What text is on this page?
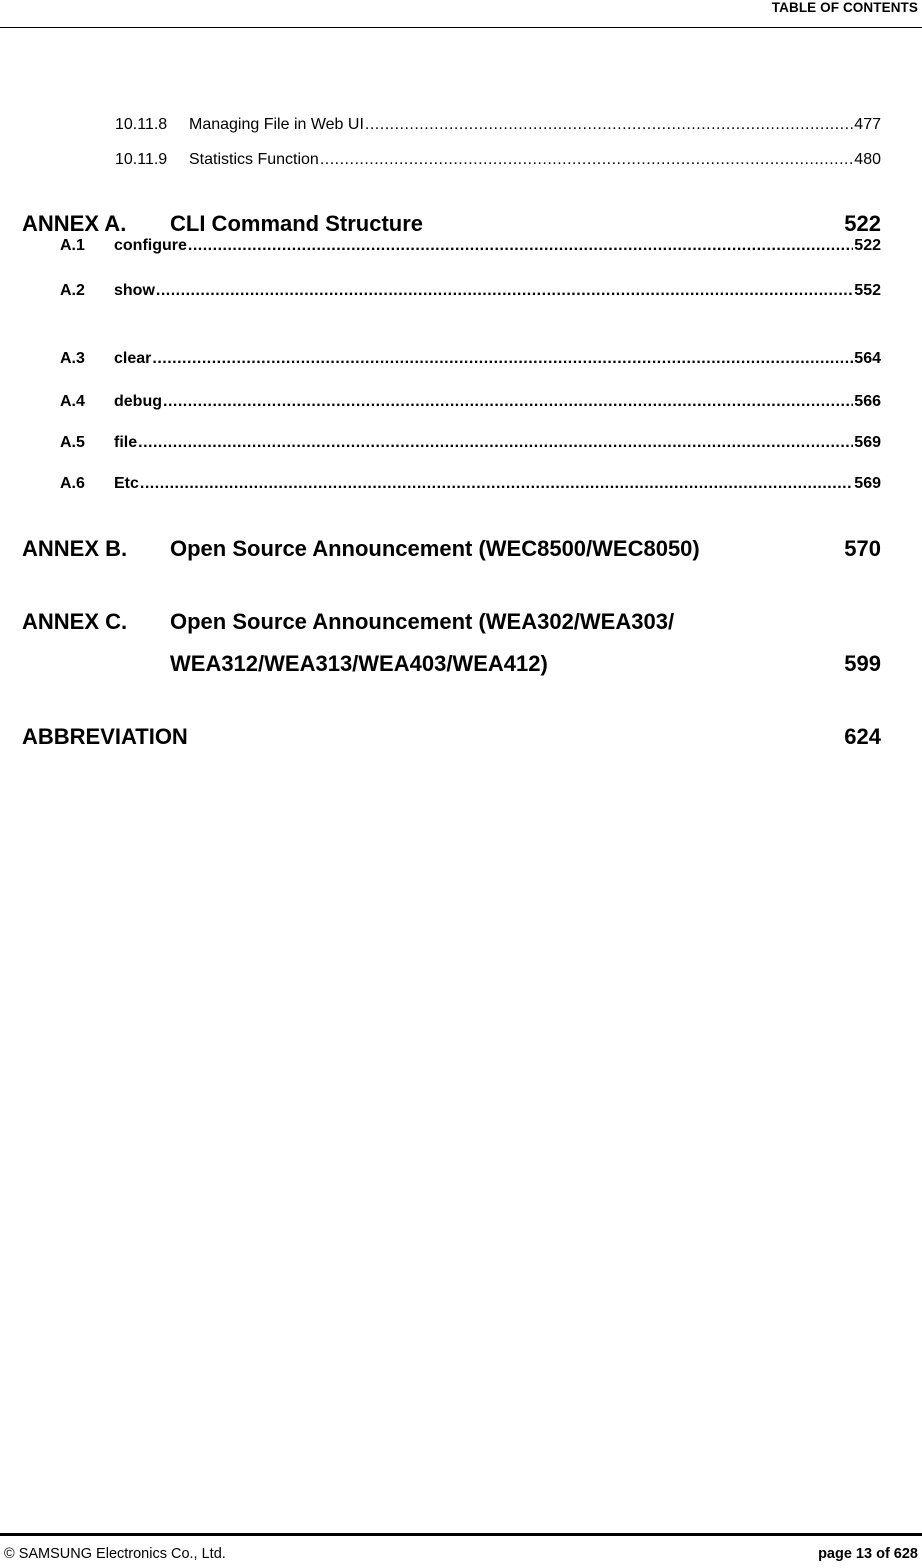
TABLE OF CONTENTS
10.11.8	Managing File in Web UI .....	477
10.11.9	Statistics Function .....	480
ANNEX A. CLI Command Structure	522
A.1	configure .....	522
A.2	show .....	552
A.3	clear .....	564
A.4	debug .....	566
A.5	file .....	569
A.6	Etc .....	569
ANNEX B. Open Source Announcement (WEC8500/WEC8050)	570
ANNEX C. Open Source Announcement (WEA302/WEA303/
WEA312/WEA313/WEA403/WEA412)	599
ABBREVIATION	624
© SAMSUNG Electronics Co., Ltd.	page 13 of 628
